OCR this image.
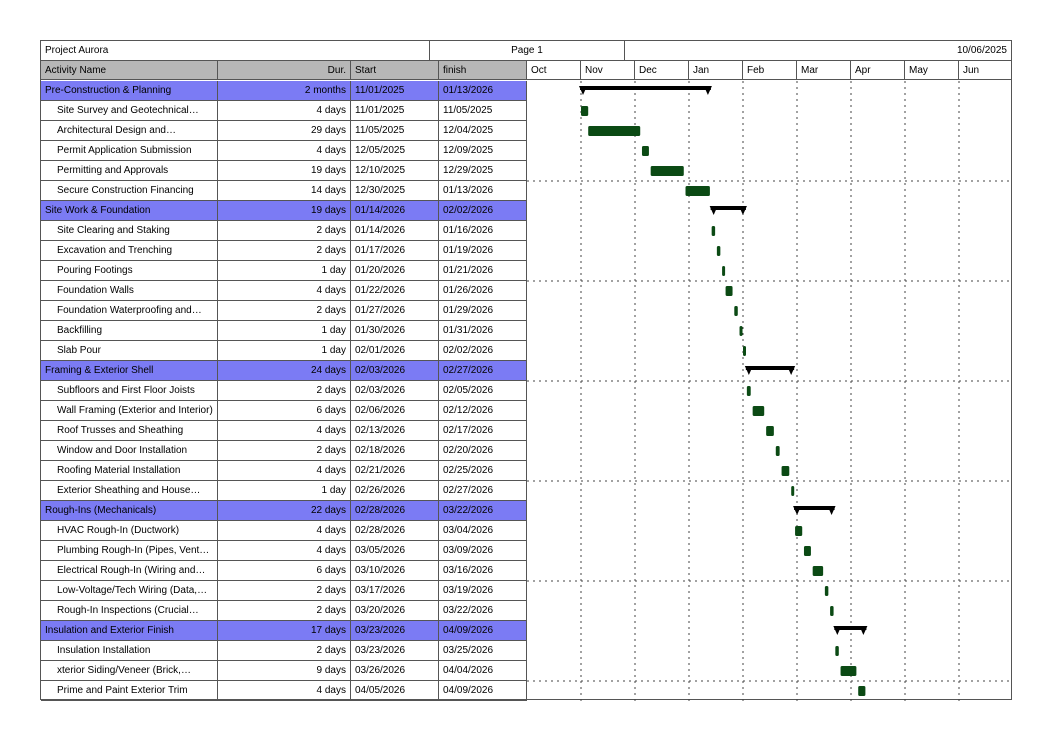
Project Aurora	Page 1	10/06/2025
Activity Name	Dur. Start	finish	Oct	Nov	Dec	Jan	Feb	Mar	Apr	May	Jun
Pre-Construction & Planning	2 months 11/01/2025	01/13/2026
Site Survey and Geotechnical…	4 days 11/01/2025	11/05/2025
Architectural Design and…	29 days 11/05/2025	12/04/2025
Permit Application Submission	4 days 12/05/2025	12/09/2025
Permitting and Approvals	19 days 12/10/2025	12/29/2025
Secure Construction Financing	14 days 12/30/2025	01/13/2026
Site Work & Foundation	19 days 01/14/2026	02/02/2026
Site Clearing and Staking	2 days 01/14/2026	01/16/2026
Excavation and Trenching	2 days 01/17/2026	01/19/2026
Pouring Footings	1 day 01/20/2026	01/21/2026
Foundation Walls	4 days 01/22/2026	01/26/2026
Foundation Waterproofing and…	2 days 01/27/2026	01/29/2026
Backfilling	1 day 01/30/2026	01/31/2026
Slab Pour	1 day 02/01/2026	02/02/2026
Framing & Exterior Shell	24 days 02/03/2026	02/27/2026
Subfloors and First Floor Joists	2 days 02/03/2026	02/05/2026
Wall Framing (Exterior and Interior)	6 days 02/06/2026	02/12/2026
Roof Trusses and Sheathing	4 days 02/13/2026	02/17/2026
Window and Door Installation	2 days 02/18/2026	02/20/2026
Roofing Material Installation	4 days 02/21/2026	02/25/2026
Exterior Sheathing and House…	1 day 02/26/2026	02/27/2026
Rough-Ins (Mechanicals)	22 days 02/28/2026	03/22/2026
HVAC Rough-In (Ductwork)	4 days 02/28/2026	03/04/2026
Plumbing Rough-In (Pipes, Vent…	4 days 03/05/2026	03/09/2026
Electrical Rough-In (Wiring and…	6 days 03/10/2026	03/16/2026
Low-Voltage/Tech Wiring (Data,…	2 days 03/17/2026	03/19/2026
Rough-In Inspections (Crucial…	2 days 03/20/2026	03/22/2026
Insulation and Exterior Finish	17 days 03/23/2026	04/09/2026
Insulation Installation	2 days 03/23/2026	03/25/2026
xterior Siding/Veneer (Brick,…	9 days 03/26/2026	04/04/2026
Prime and Paint Exterior Trim	4 days 04/05/2026	04/09/2026
